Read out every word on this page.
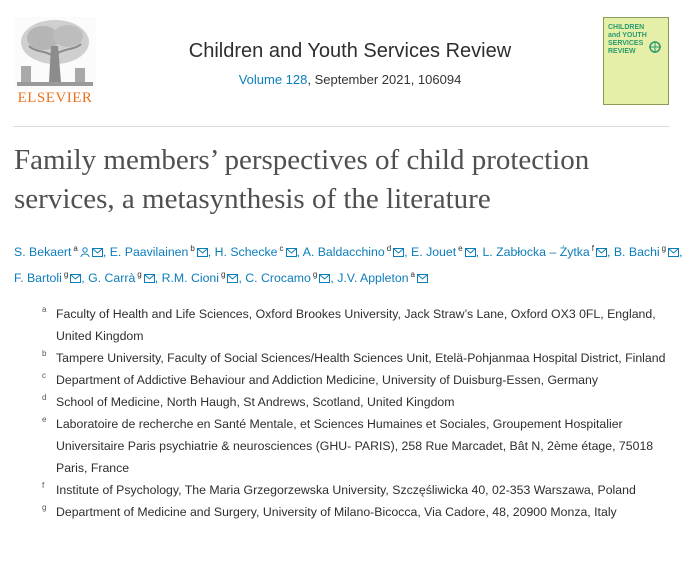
ELSEVIER
Children and Youth Services Review
Volume 128, September 2021, 106094
CHILDREN and YOUTH SERVICES REVIEW
Family members’ perspectives of child protection
services, a metasynthesis of the literature
S. Bekaert $^a$ , E. Paavilainen $^b$ , H. Schecke $^c$ , A. Baldacchino $^d$ , E. Jouet $^e$ , L. Zabłocka – Żytka $^f$ , B. Bachi $^g$ , F. Bartoli $^g$ , G. Carrà $^g$ , R.M. Cioni $^g$ , C. Crocamo $^g$ , J.V. Appleton $^a$
a Faculty of Health and Life Sciences, Oxford Brookes University, Jack Straw’s Lane, Oxford OX3 0FL, England, United Kingdom
b Tampere University, Faculty of Social Sciences/Health Sciences Unit, Etelä-Pohjanmaa Hospital District, Finland
c Department of Addictive Behaviour and Addiction Medicine, University of Duisburg-Essen, Germany
d School of Medicine, North Haugh, St Andrews, Scotland, United Kingdom
e Laboratoire de recherche en Santé Mentale, et Sciences Humaines et Sociales, Groupement Hospitalier Universitaire Paris psychiatrie & neurosciences (GHU- PARIS), 258 Rue Marcadet, Bât N, 2ème étage, 75018 Paris, France
f Institute of Psychology, The Maria Grzegorzewska University, Szczęśliwicka 40, 02-353 Warszawa, Poland
g Department of Medicine and Surgery, University of Milano-Bicocca, Via Cadore, 48, 20900 Monza, Italy
